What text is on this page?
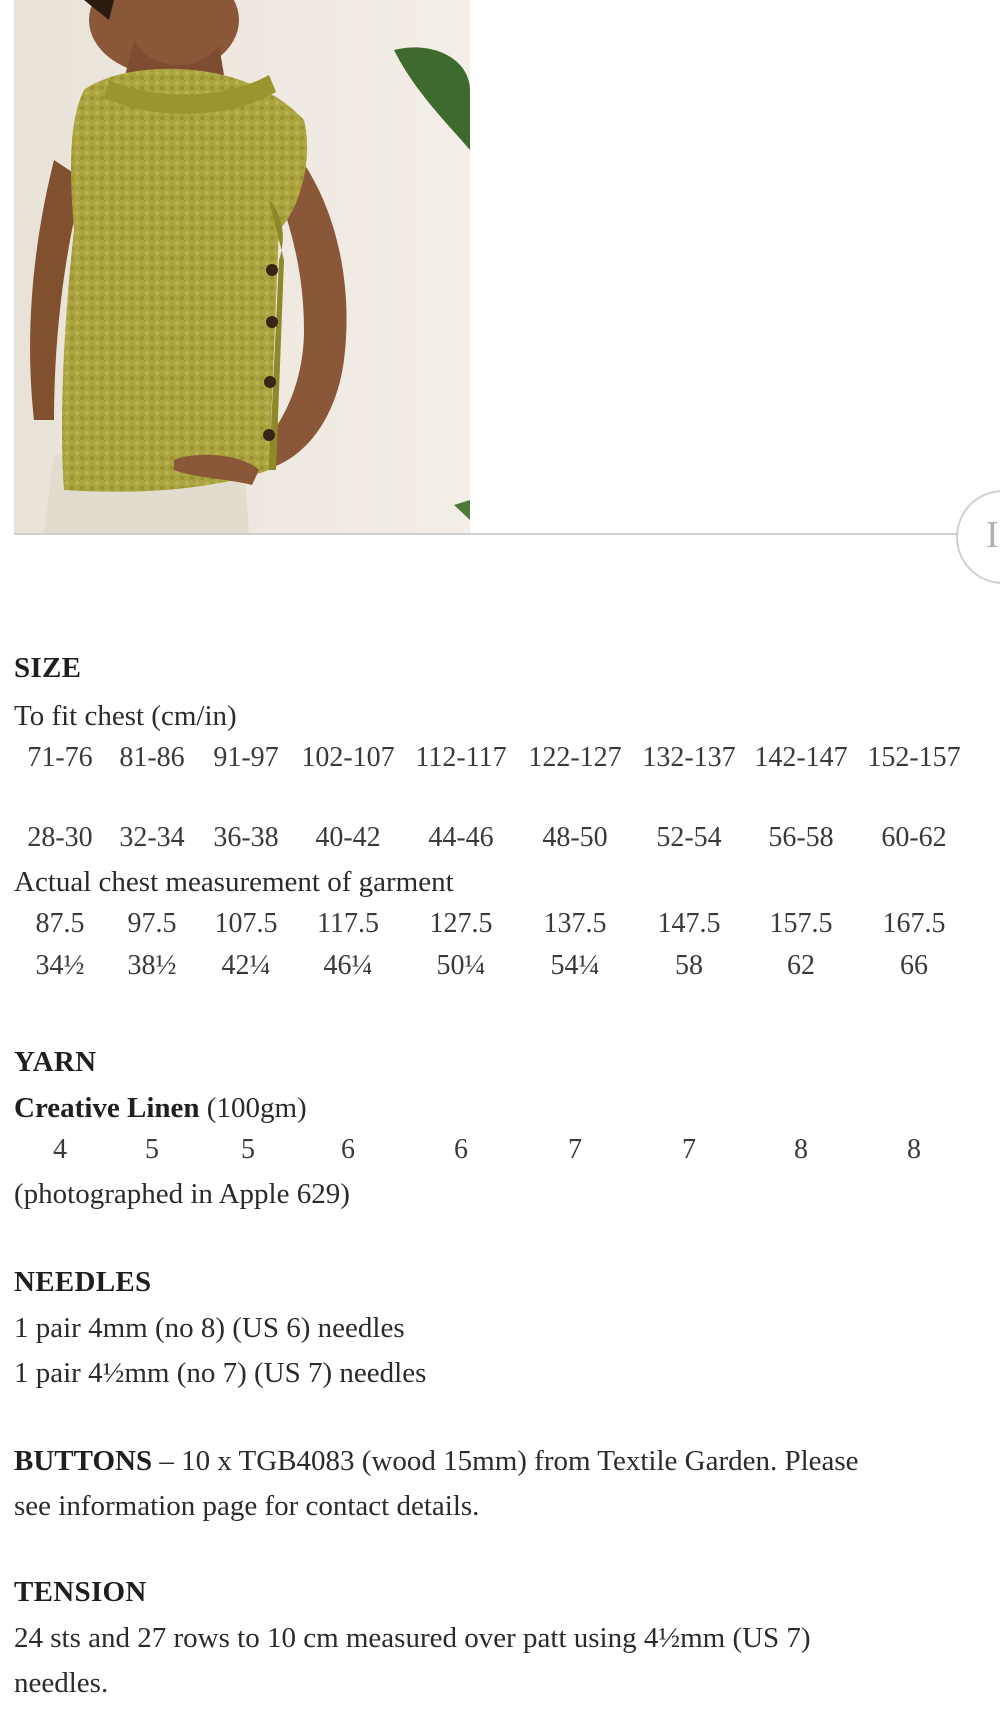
I
SIZE
To fit chest (cm/in)
71-76 81-86 91-97 102-107 112-117 122-127 132-137 142-147 152-157
28-30 32-34 36-38 40-42 44-46 48-50 52-54 56-58 60-62
Actual chest measurement of garment
87.5 97.5 107.5 117.5 127.5 137.5 147.5 157.5 167.5
34½ 38½ 42¼ 46¼ 50¼ 54¼	58	62	66
YARN
Creative Linen (100gm)
4	5	5	6	6	7	7	8	8
(photographed in Apple 629)
NEEDLES
1 pair 4mm (no 8) (US 6) needles
1 pair 4½mm (no 7) (US 7) needles
BUTTONS – 10 x TGB4083 (wood 15mm) from Textile Garden. Please
see information page for contact details.
TENSION
24 sts and 27 rows to 10 cm measured over patt using 4½mm (US 7)
needles.
